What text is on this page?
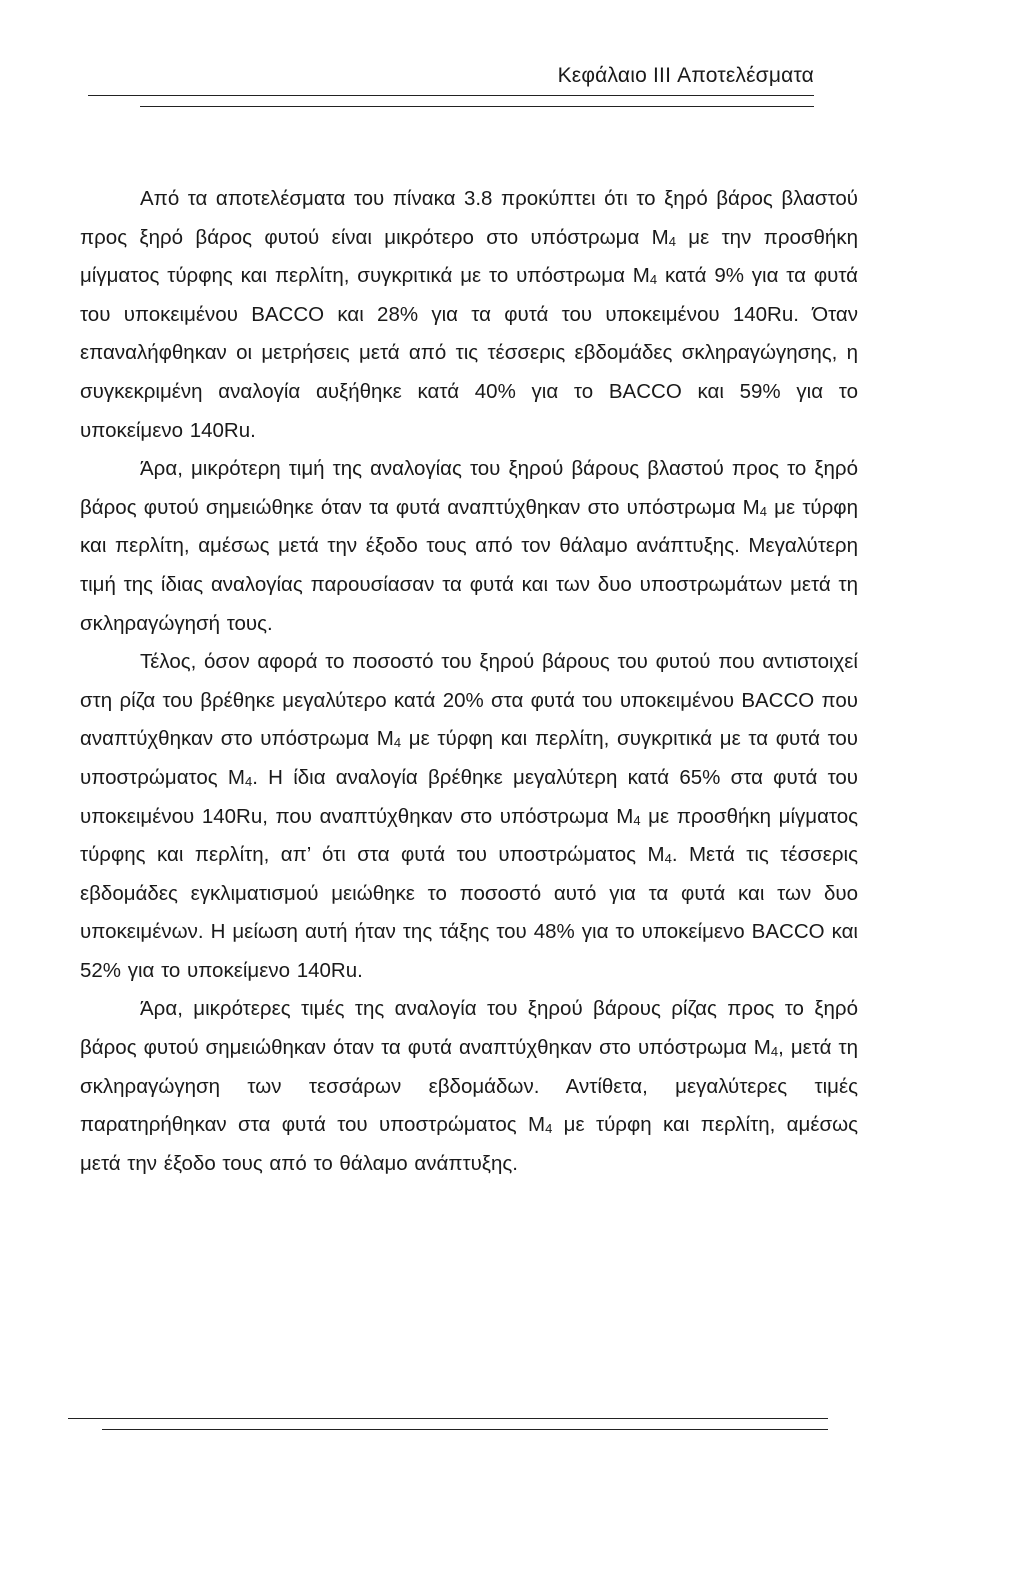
Κεφάλαιο III Αποτελέσματα

Από τα αποτελέσματα του πίνακα 3.8 προκύπτει ότι το ξηρό βάρος βλαστού προς ξηρό βάρος φυτού είναι μικρότερο στο υπόστρωμα $M_4$ με την προσθήκη μίγματος τύρφης και περλίτη, συγκριτικά με το υπόστρωμα $M_4$ κατά 9% για τα φυτά του υποκειμένου BACCO και 28% για τα φυτά του υποκειμένου 140Ru. Όταν επαναλήφθηκαν οι μετρήσεις μετά από τις τέσσερις εβδομάδες σκληραγώγησης, η συγκεκριμένη αναλογία αυξήθηκε κατά 40% για το BACCO και 59% για το υποκείμενο 140Ru.

Άρα, μικρότερη τιμή της αναλογίας του ξηρού βάρους βλαστού προς το ξηρό βάρος φυτού σημειώθηκε όταν τα φυτά αναπτύχθηκαν στο υπόστρωμα $M_4$ με τύρφη και περλίτη, αμέσως μετά την έξοδο τους από τον θάλαμο ανάπτυξης. Μεγαλύτερη τιμή της ίδιας αναλογίας παρουσίασαν τα φυτά και των δυο υποστρωμάτων μετά τη σκληραγώγησή τους.

Τέλος, όσον αφορά το ποσοστό του ξηρού βάρους του φυτού που αντιστοιχεί στη ρίζα του βρέθηκε μεγαλύτερο κατά 20% στα φυτά του υποκειμένου BACCO που αναπτύχθηκαν στο υπόστρωμα $M_4$ με τύρφη και περλίτη, συγκριτικά με τα φυτά του υποστρώματος $M_4$. Η ίδια αναλογία βρέθηκε μεγαλύτερη κατά 65% στα φυτά του υποκειμένου 140Ru, που αναπτύχθηκαν στο υπόστρωμα $M_4$ με προσθήκη μίγματος τύρφης και περλίτη, απ’ ότι στα φυτά του υποστρώματος $M_4$. Μετά τις τέσσερις εβδομάδες εγκλιματισμού μειώθηκε το ποσοστό αυτό για τα φυτά και των δυο υποκειμένων. Η μείωση αυτή ήταν της τάξης του 48% για το υποκείμενο BACCO και 52% για το υποκείμενο 140Ru.

Άρα, μικρότερες τιμές της αναλογία του ξηρού βάρους ρίζας προς το ξηρό βάρος φυτού σημειώθηκαν όταν τα φυτά αναπτύχθηκαν στο υπόστρωμα $M_4$, μετά τη σκληραγώγηση των τεσσάρων εβδομάδων. Αντίθετα, μεγαλύτερες τιμές παρατηρήθηκαν στα φυτά του υποστρώματος $M_4$ με τύρφη και περλίτη, αμέσως μετά την έξοδο τους από το θάλαμο ανάπτυξης.
